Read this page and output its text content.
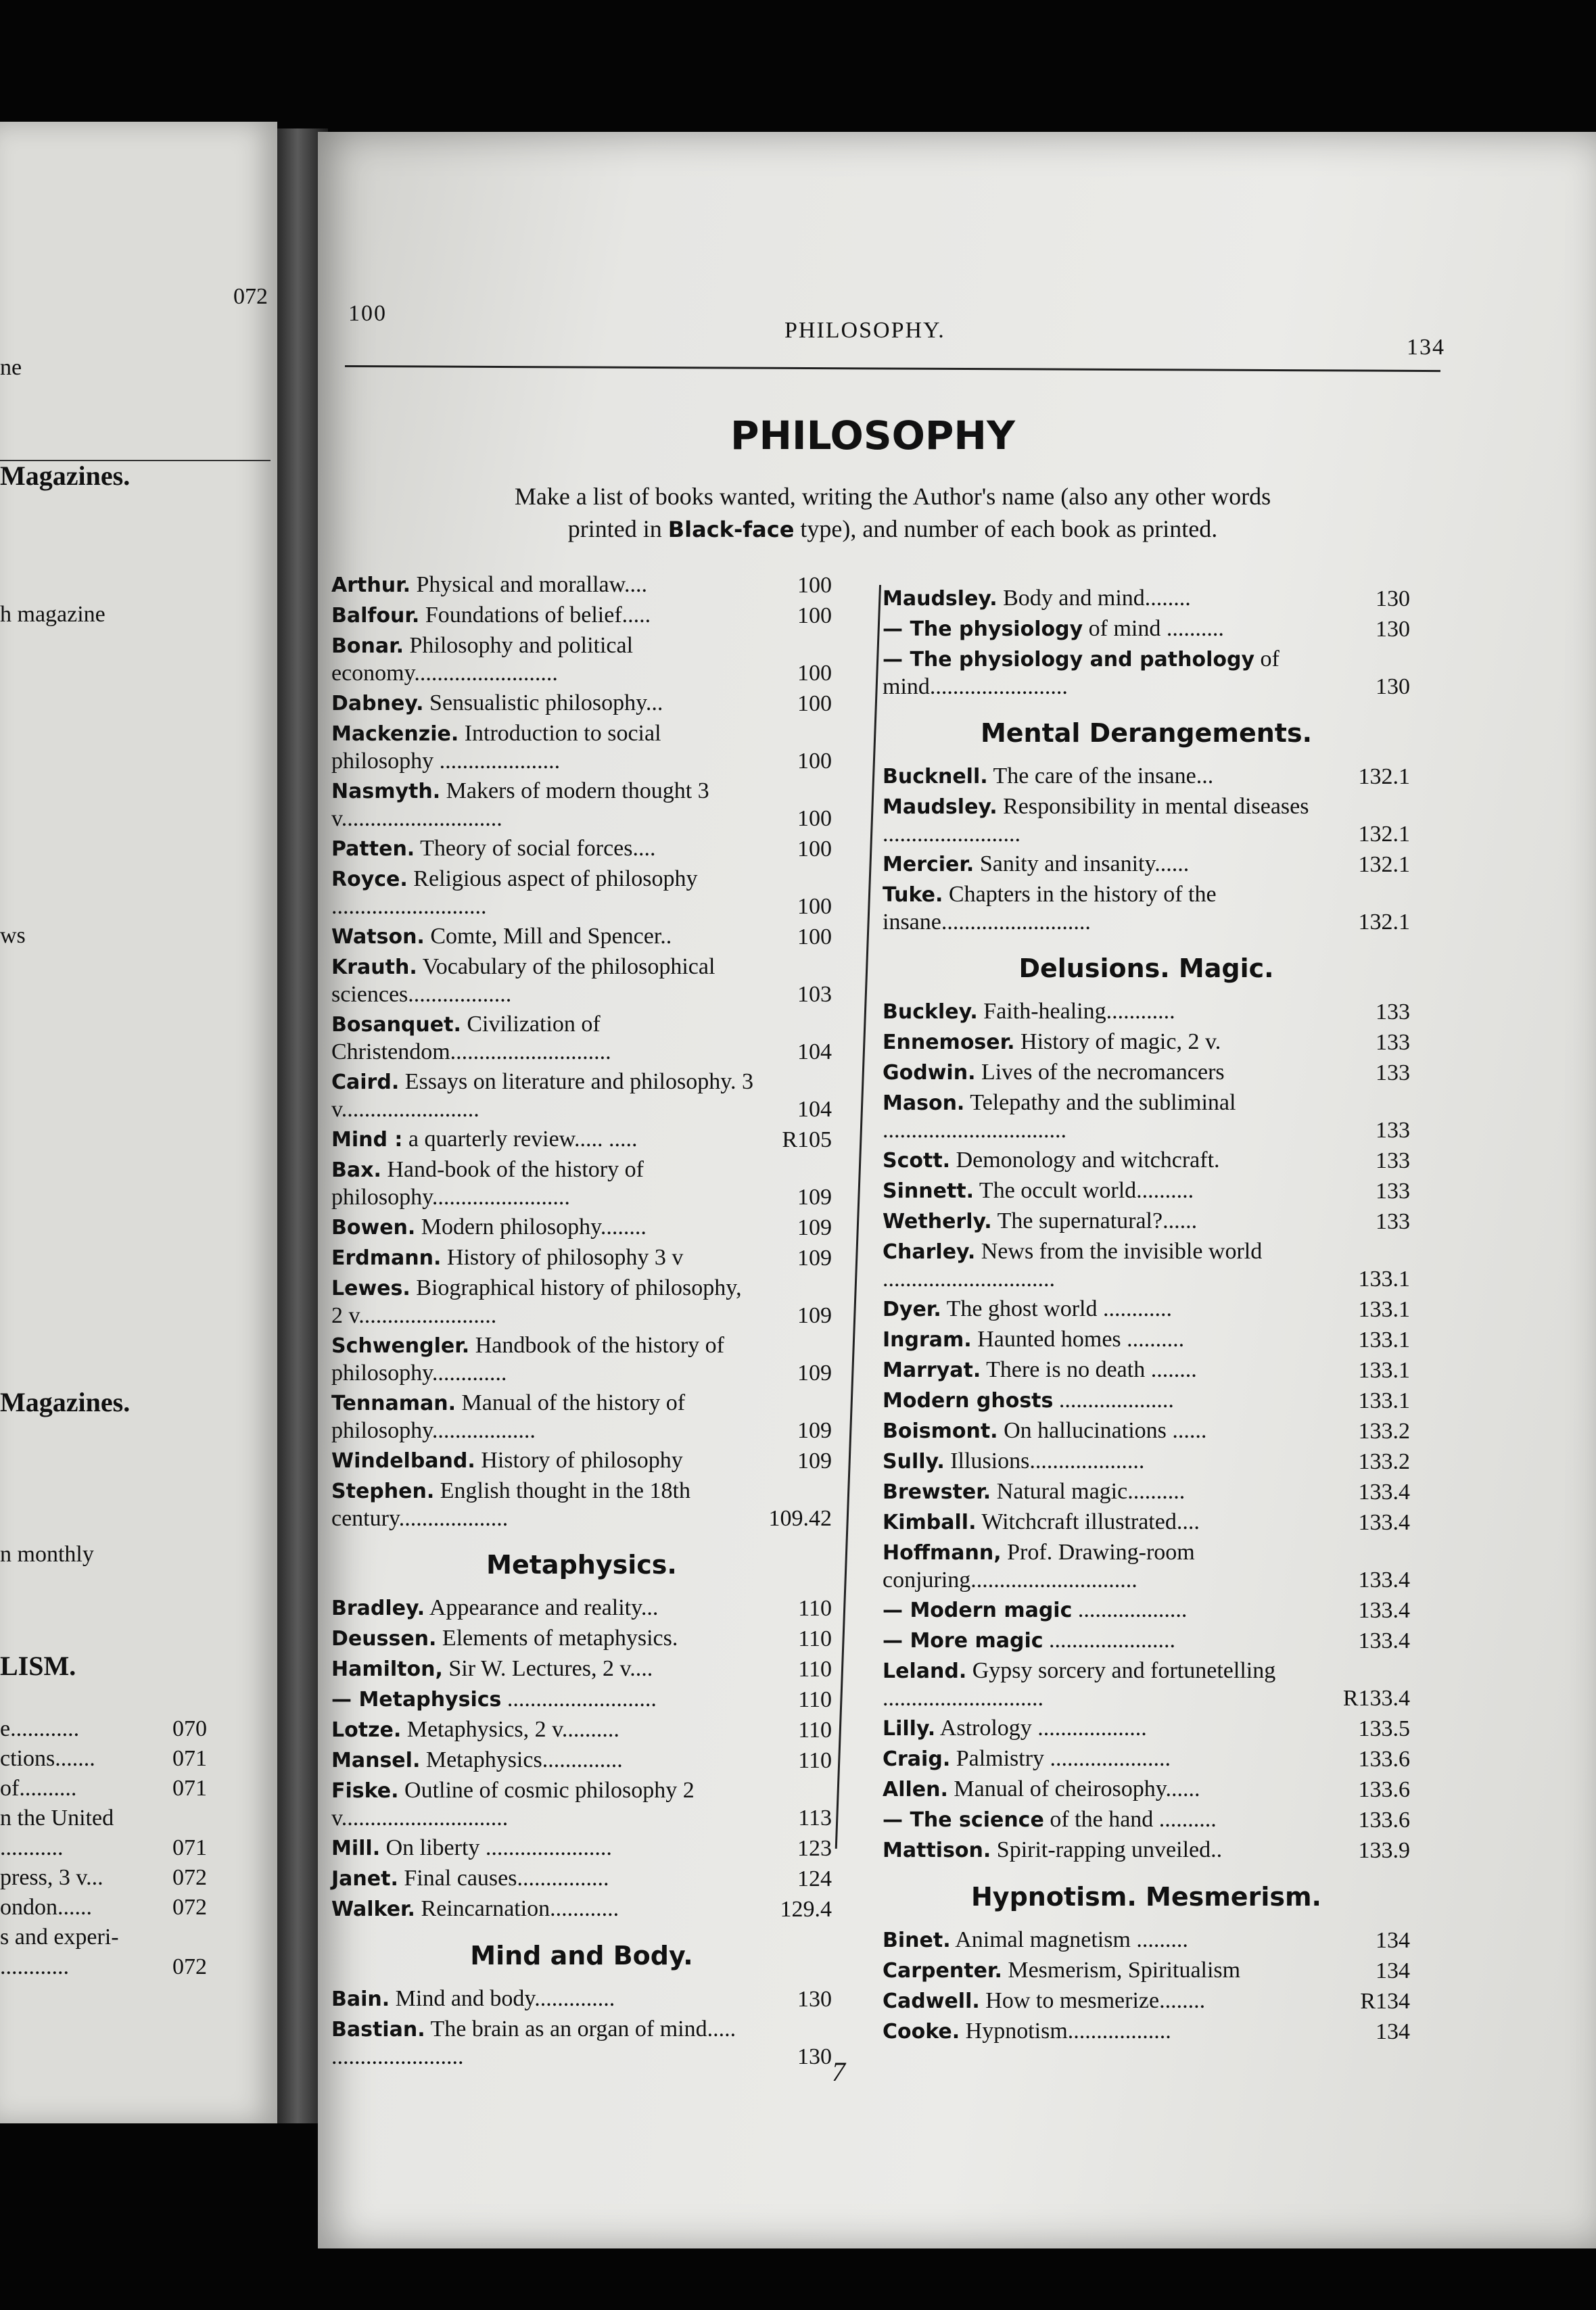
072
ne
Magazines.
h magazine
ws
Magazines.
n monthly
LISM.
e............	070
ctions.......	071
of..........	071
n the United
...........	071
press, 3 v...	072
ondon......	072
s and experi-
............	072
100
PHILOSOPHY.
134
PHILOSOPHY
Make a list of books wanted, writing the Author's name (also any other words
printed in Black-face type), and number of each book as printed.
Arthur. Physical and morallaw....	100
Balfour. Foundations of belief.....	100
Bonar. Philosophy and political economy.........................	100
Dabney. Sensualistic philosophy...	100
Mackenzie. Introduction to social philosophy .....................	100
Nasmyth. Makers of modern thought 3 v............................	100
Patten. Theory of social forces....	100
Royce. Religious aspect of philosophy ...........................	100
Watson. Comte, Mill and Spencer..	100
Krauth. Vocabulary of the philosophical sciences..................	103
Bosanquet. Civilization of Christendom............................	104
Caird. Essays on literature and philosophy. 3 v........................	104
Mind : a quarterly review..... .....	R105
Bax. Hand-book of the history of philosophy........................	109
Bowen. Modern philosophy........	109
Erdmann. History of philosophy 3 v	109
Lewes. Biographical history of philosophy, 2 v........................	109
Schwengler. Handbook of the history of philosophy.............	109
Tennaman. Manual of the history of philosophy..................	109
Windelband. History of philosophy	109
Stephen. English thought in the 18th century...................	109.42
Metaphysics.
Bradley. Appearance and reality...	110
Deussen. Elements of metaphysics.	110
Hamilton, Sir W. Lectures, 2 v....	110
— Metaphysics ..........................	110
Lotze. Metaphysics, 2 v..........	110
Mansel. Metaphysics..............	110
Fiske. Outline of cosmic philosophy 2 v.............................	113
Mill. On liberty ......................	123
Janet. Final causes................	124
Walker. Reincarnation............	129.4
Mind and Body.
Bain. Mind and body..............	130
Bastian. The brain as an organ of mind..... .......................	130
Maudsley. Body and mind........	130
— The physiology of mind ..........	130
— The physiology and pathology of mind........................	130
Mental Derangements.
Bucknell. The care of the insane...	132.1
Maudsley. Responsibility in mental diseases ........................	132.1
Mercier. Sanity and insanity......	132.1
Tuke. Chapters in the history of the insane..........................	132.1
Delusions. Magic.
Buckley. Faith-healing............	133
Ennemoser. History of magic, 2 v.	133
Godwin. Lives of the necromancers	133
Mason. Telepathy and the subliminal ................................	133
Scott. Demonology and witchcraft.	133
Sinnett. The occult world..........	133
Wetherly. The supernatural?......	133
Charley. News from the invisible world ..............................	133.1
Dyer. The ghost world ............	133.1
Ingram. Haunted homes ..........	133.1
Marryat. There is no death ........	133.1
Modern ghosts ....................	133.1
Boismont. On hallucinations ......	133.2
Sully. Illusions....................	133.2
Brewster. Natural magic..........	133.4
Kimball. Witchcraft illustrated....	133.4
Hoffmann, Prof. Drawing-room conjuring.............................	133.4
— Modern magic ...................	133.4
— More magic ......................	133.4
Leland. Gypsy sorcery and fortunetelling ............................	R133.4
Lilly. Astrology ...................	133.5
Craig. Palmistry .....................	133.6
Allen. Manual of cheirosophy......	133.6
— The science of the hand ..........	133.6
Mattison. Spirit-rapping unveiled..	133.9
Hypnotism. Mesmerism.
Binet. Animal magnetism .........	134
Carpenter. Mesmerism, Spiritualism	134
Cadwell. How to mesmerize........	R134
Cooke. Hypnotism..................	134
7
